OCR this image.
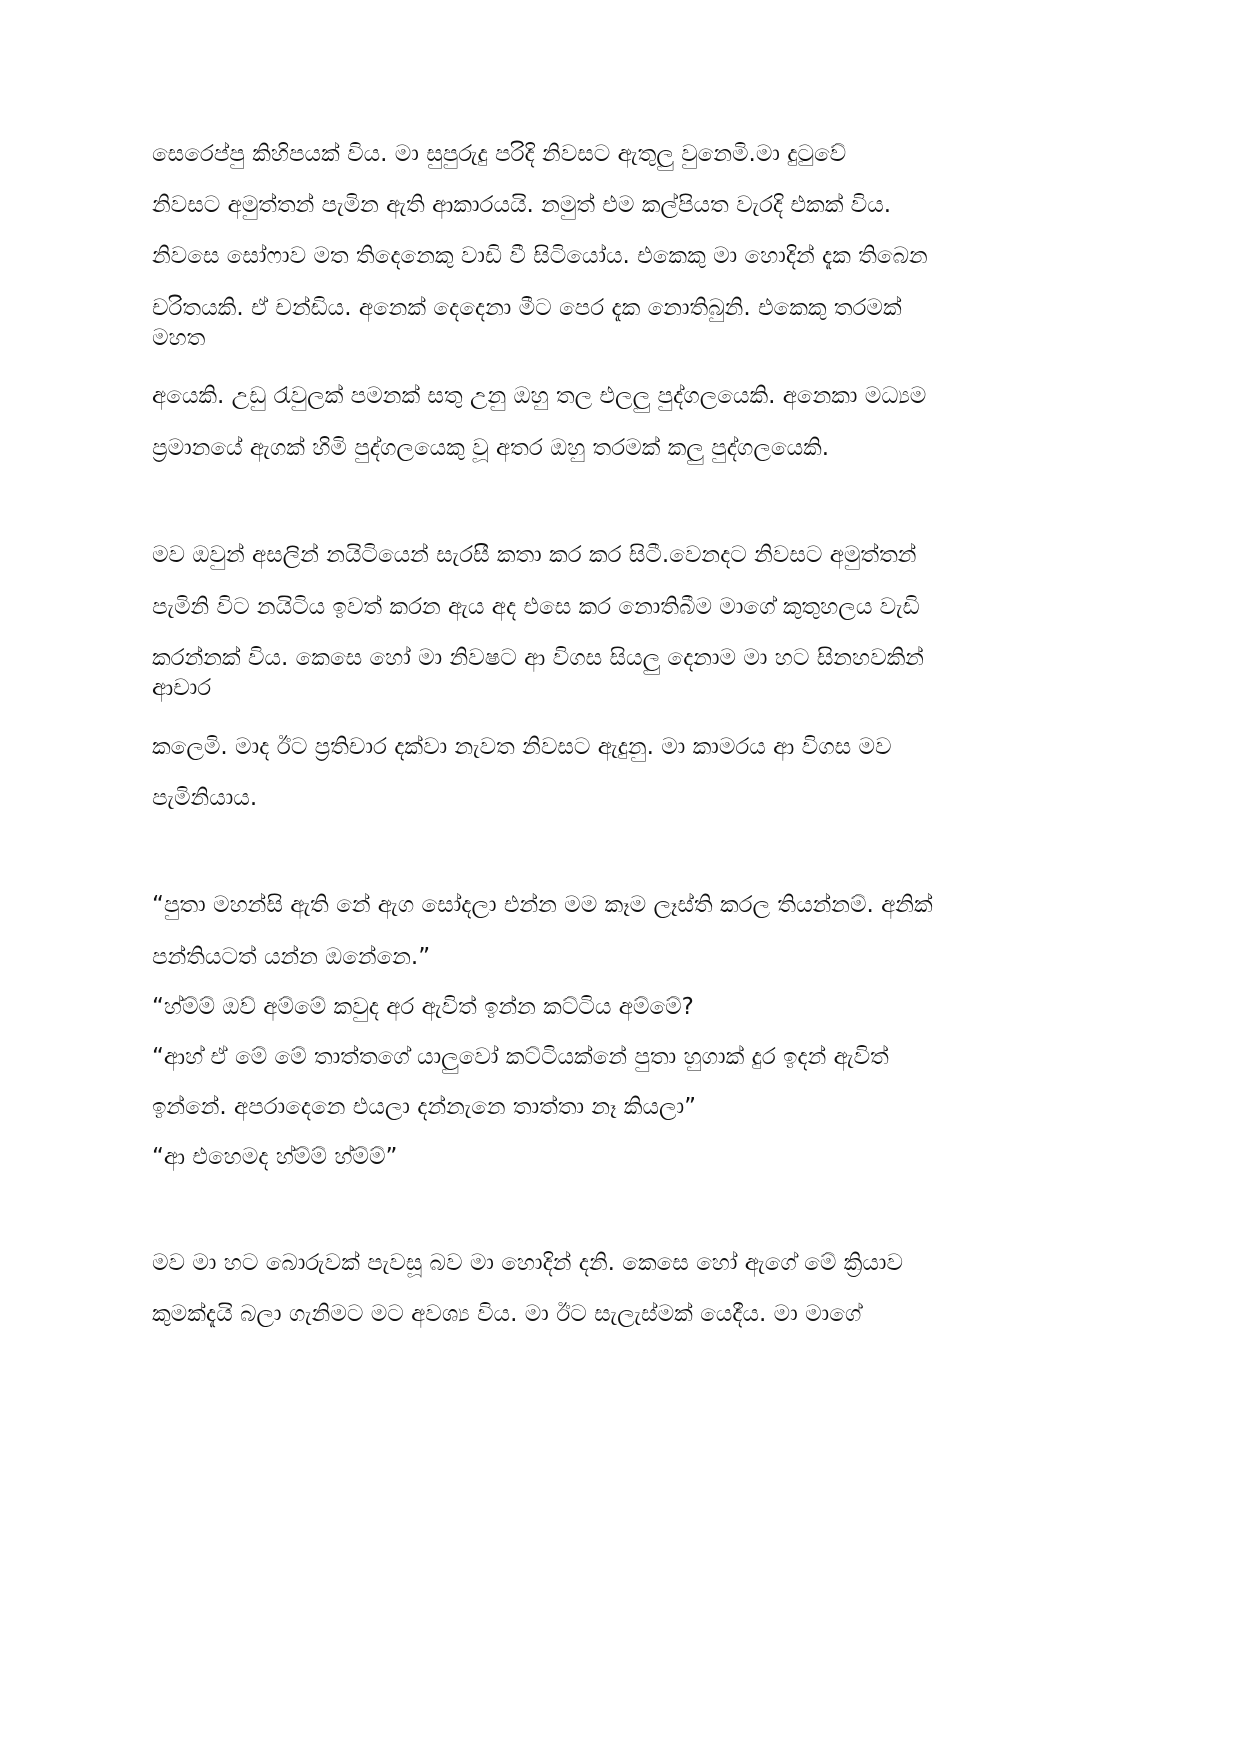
සෙරෙප්පු කිහිපයක් විය. මා සුපුරුදු පරිදි නිවසට ඇතුලු වුනෙමි.මා දුටුවේ
නිවසට අමුත්තන් පැමින ඇති ආකාරයයි. නමුත් එම කල්පියත වැරදි එකක් විය.
නිවසෙ සෝෆාව මත තිදෙනෙකු වාඩි වී සිටියෝය. එකෙකු මා හොදින් දැක තිබෙන
චරිතයකි. ඒ චන්ඩිය. අනෙක් දෙදෙනා මීට පෙර දැක නොතිබුනි. එකෙකු තරමක්
මහත
අයෙකි. උඩු රැවුලක් පමනක් සතු උනු ඔහු තල එලලු පුද්ගලයෙකි. අනෙකා මධ්‍යම
ප්‍රමානයේ ඇගක් හිමි පුද්ගලයෙකු වූ අතර ඔහු තරමක් කලු පුද්ගලයෙකි.
මව ඔවුන් අසලින් නයිටියෙන් සැරසී කතා කර කර සිටී.වෙනදට නිවසට අමුත්තන්
පැමිනි විට නයිටිය ඉවත් කරන ඇය අද එසෙ කර නොතිබීම මාගේ කුතුහලය වැඩි
කරන්නක් විය. කෙසෙ හෝ මා නිවෂට ආ විගස සියලු දෙනාම මා හට සිනහවකින්
ආචාර
කලෙමි. මාද ඊට ප්‍රතිචාර දක්වා නැවත නිවසට ඇදුනු. මා කාමරය ආ විගස මව
පැමිනියාය.
“පුතා මහන්සි ඇති නේ ඇග සෝදලා එන්න මම කෑම ලෑස්ති කරල තියන්නම්. අනික්
පන්තියටත් යන්න ඔනේනෙ.”
“හ්ම්ම් ඔව් අම්මේ කවුද අර ඇවිත් ඉන්න කට්ටිය අම්මේ?
“ආහ් ඒ මේ මේ තාත්තගේ යාලුවෝ කට්ටියක්නේ පුතා හුගාක් දුර ඉදන් ඇවිත්
ඉන්නේ. අපරාදෙනෙ එයලා දන්නැනෙ තාත්තා නෑ කියලා”
“ආ එහෙමද හ්ම්ම් හ්ම්ම්”
මව මා හට බොරුවක් පැවසූ බව මා හොදින් දනි. කෙසෙ හෝ ඇගේ මේ ක්‍රියාව
කුමක්දැයි බලා ගැනිමට මට අවශ්‍ය විය. මා ඊට සැලැස්මක් යෙදීය. මා මාගේ
